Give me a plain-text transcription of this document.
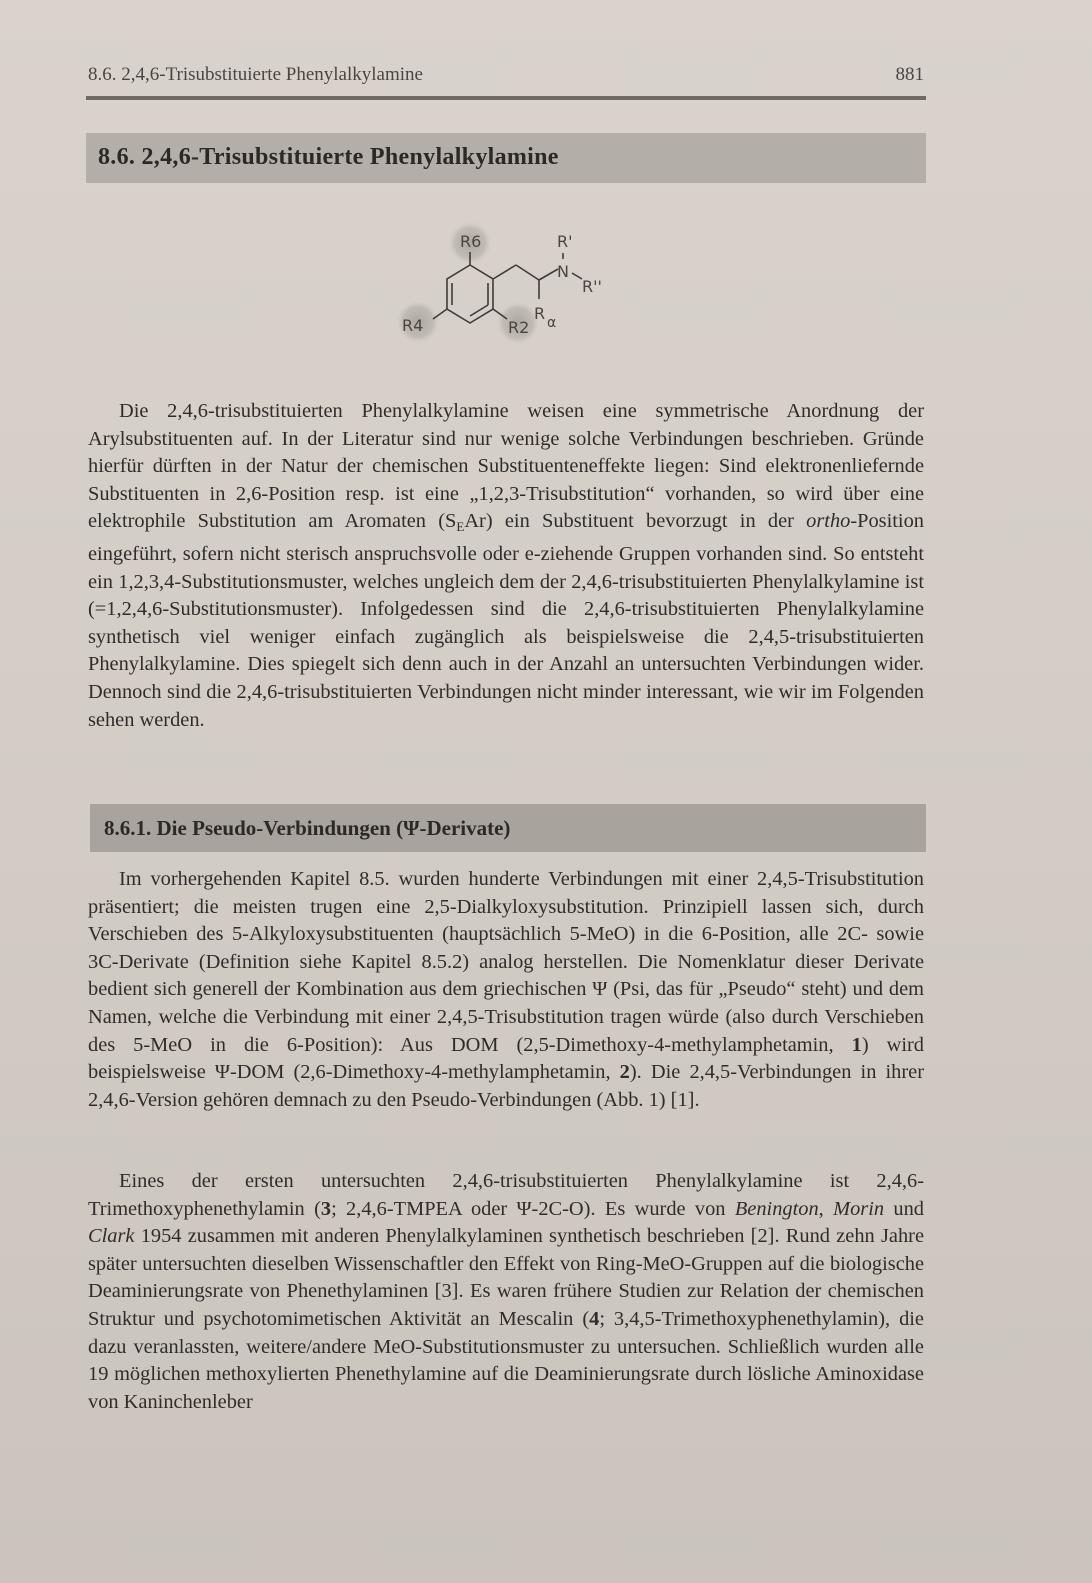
8.6. 2,4,6-Trisubstituierte Phenylalkylamine	881
8.6. 2,4,6-Trisubstituierte Phenylalkylamine
R6
R4	R2
R'
N
R''
R α

Die 2,4,6-trisubstituierten Phenylalkylamine weisen eine symmetrische Anordnung der Arylsubstituenten auf. In der Literatur sind nur wenige solche Verbindungen beschrieben. Gründe hierfür dürften in der Natur der chemischen Substituenteneffekte liegen: Sind elektronenliefernde Substituenten in 2,6-Position resp. ist eine „1,2,3-Trisubstitution“ vorhanden, so wird über eine elektrophile Substitution am Aromaten (SEAr) ein Substituent bevorzugt in der ortho-Position eingeführt, sofern nicht sterisch anspruchsvolle oder e-ziehende Gruppen vorhanden sind. So entsteht ein 1,2,3,4-Substitutionsmuster, welches ungleich dem der 2,4,6-trisubstituierten Phenylalkylamine ist (=1,2,4,6-Substitutionsmuster). Infolgedessen sind die 2,4,6-trisubstituierten Phenylalkylamine synthetisch viel weniger einfach zugänglich als beispielsweise die 2,4,5-trisubstituierten Phenylalkylamine. Dies spiegelt sich denn auch in der Anzahl an untersuchten Verbindungen wider. Dennoch sind die 2,4,6-trisubstituierten Verbindungen nicht minder interessant, wie wir im Folgenden sehen werden.

8.6.1. Die Pseudo-Verbindungen (Ψ-Derivate)

Im vorhergehenden Kapitel 8.5. wurden hunderte Verbindungen mit einer 2,4,5-Trisubstitution präsentiert; die meisten trugen eine 2,5-Dialkyloxysubstitution. Prinzipiell lassen sich, durch Verschieben des 5-Alkyloxysubstituenten (hauptsächlich 5-MeO) in die 6-Position, alle 2C- sowie 3C-Derivate (Definition siehe Kapitel 8.5.2) analog herstellen. Die Nomenklatur dieser Derivate bedient sich generell der Kombination aus dem griechischen Ψ (Psi, das für „Pseudo“ steht) und dem Namen, welche die Verbindung mit einer 2,4,5-Trisubstitution tragen würde (also durch Verschieben des 5-MeO in die 6-Position): Aus DOM (2,5-Dimethoxy-4-methylamphetamin, 1) wird beispielsweise Ψ-DOM (2,6-Dimethoxy-4-methylamphetamin, 2). Die 2,4,5-Verbindungen in ihrer 2,4,6-Version gehören demnach zu den Pseudo-Verbindungen (Abb. 1) [1].

Eines der ersten untersuchten 2,4,6-trisubstituierten Phenylalkylamine ist 2,4,6-Trimethoxyphenethylamin (3; 2,4,6-TMPEA oder Ψ-2C-O). Es wurde von Benington, Morin und Clark 1954 zusammen mit anderen Phenylalkylaminen synthetisch beschrieben [2]. Rund zehn Jahre später untersuchten dieselben Wissenschaftler den Effekt von Ring-MeO-Gruppen auf die biologische Deaminierungsrate von Phenethylaminen [3]. Es waren frühere Studien zur Relation der chemischen Struktur und psychotomimetischen Aktivität an Mescalin (4; 3,4,5-Trimethoxyphenethylamin), die dazu veranlassten, weitere/andere MeO-Substitutionsmuster zu untersuchen. Schließlich wurden alle 19 möglichen methoxylierten Phenethylamine auf die Deaminierungsrate durch lösliche Aminoxidase von Kaninchenleber
